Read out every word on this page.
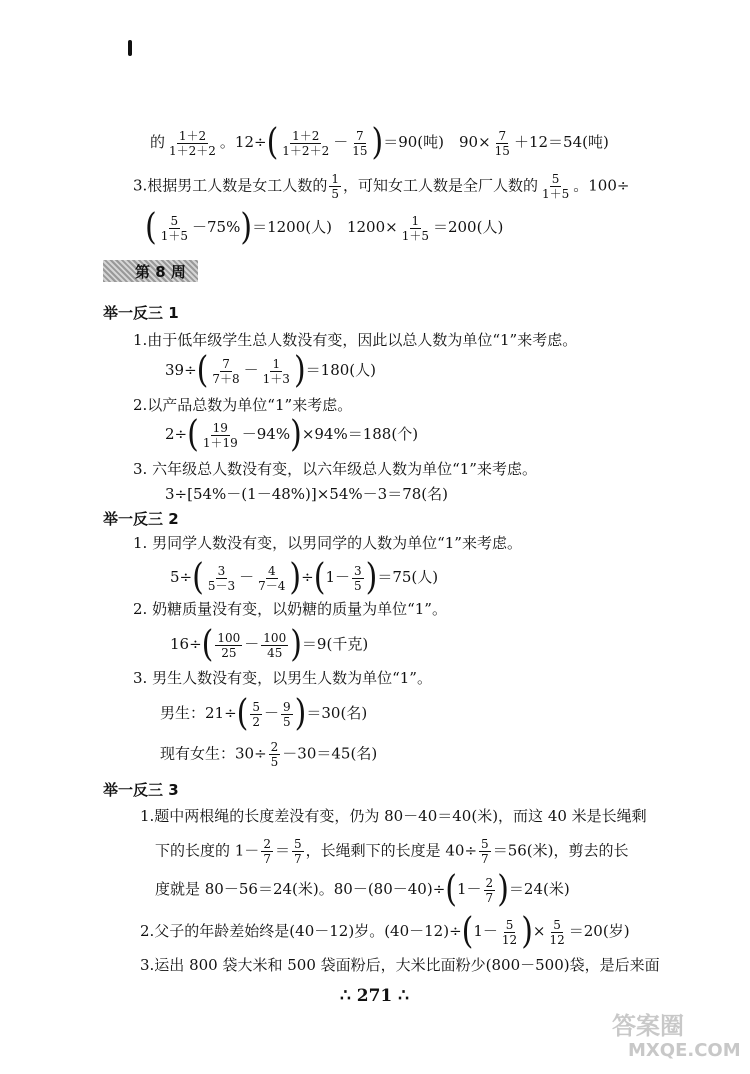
的 $\frac{1+2}{1+2+2}$ 。$12\div( \frac{1+2}{1+2+2} - \frac{7}{15} )=90$(吨)　$90\times \frac{7}{15} +12=54$(吨)
3.根据男工人数是女工人数的 $\frac{1}{5}$ ，可知女工人数是全厂人数的 $\frac{5}{1+5}$ 。100÷
( $\frac{5}{1+5} -75\%)=1200$(人)　$1200\times \frac{1}{1+5} =200$(人)
第 8 周
举一反三 1
1.由于低年级学生总人数没有变，因此以总人数为单位“1”来考虑。
$39\div( \frac{7}{7+8} - \frac{1}{1+3} )=180$(人)
2.以产品总数为单位“1”来考虑。
$2\div( \frac{19}{1+19} -94\%)\times 94\%=188$(个)
3. 六年级总人数没有变，以六年级总人数为单位“1”来考虑。
3÷[54%－(1－48%)]×54%－3＝78(名)
举一反三 2
1. 男同学人数没有变，以男同学的人数为单位“1”来考虑。
$5\div( \frac{3}{5-3} - \frac{4}{7-4} )\div(1- \frac{3}{5} )=75$(人)
2. 奶糖质量没有变，以奶糖的质量为单位“1”。
$16\div( \frac{100}{25} - \frac{100}{45} )=9$(千克)
3. 男生人数没有变，以男生人数为单位“1”。
男生：$21\div( \frac{5}{2} - \frac{9}{5} )=30$(名)
现有女生：$30\div \frac{2}{5} -30=45$(名)
举一反三 3
1.题中两根绳的长度差没有变，仍为 80－40＝40(米)，而这 40 米是长绳剩
下的长度的 $1- \frac{2}{7} = \frac{5}{7}$ ，长绳剩下的长度是 $40\div \frac{5}{7} =56$(米)，剪去的长
度就是 80－56＝24(米)。$80-(80-40)\div(1- \frac{2}{7} )=24$(米)
2.父子的年龄差始终是(40－12)岁。$(40-12)\div(1- \frac{5}{12}$ )× $\frac{5}{12} =20$(岁)
3.运出 800 袋大米和 500 袋面粉后，大米比面粉少(800－500)袋，是后来面
∴ 271 ∴
答案圈
MXQE.COM
